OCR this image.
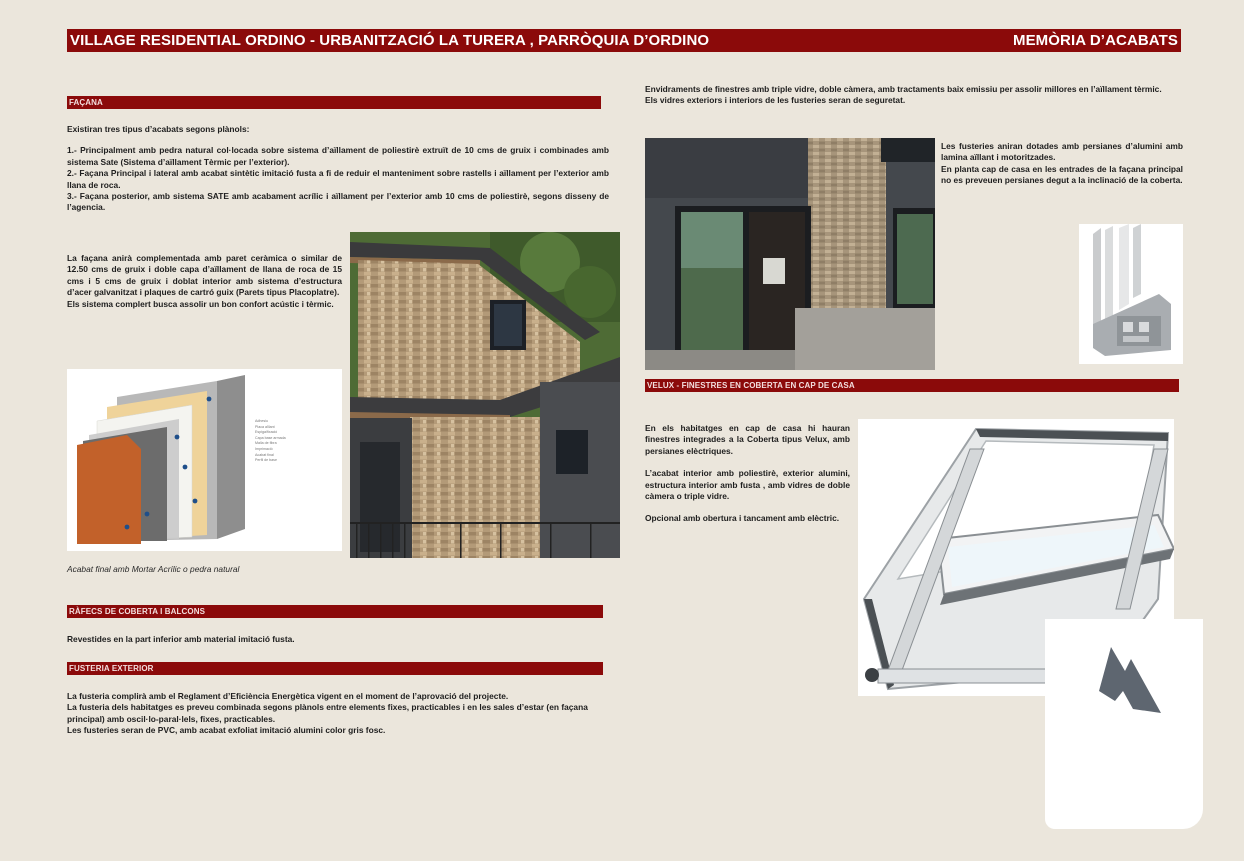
VILLAGE RESIDENTIAL ORDINO - URBANITZACIÓ LA TURERA , PARRÒQUIA D’ORDINO	MEMÒRIA D’ACABATS
FAÇANA

Existiran tres tipus d’acabats segons plànols:

1.- Principalment amb pedra natural col·locada sobre sistema d’aïllament de poliestirè extruït de 10 cms de gruix i combinades amb sistema Sate (Sistema d’aïllament Tèrmic per l’exterior).

2.- Façana Principal i lateral amb acabat sintètic imitació fusta a fi de reduir el manteniment sobre rastells i aïllament per l’exterior amb llana de roca.

3.- Façana posterior, amb sistema SATE amb acabament acrílic i aïllament per l’exterior amb 10 cms de poliestirè, segons disseny de l’agencia.

La façana anirà complementada amb paret ceràmica o similar de 12.50 cms de gruix i doble capa d’aïllament de llana de roca de 15 cms i 5 cms de gruix i doblat interior amb sistema d’estructura d’acer galvanitzat i plaques de cartró guix (Parets tipus Placoplatre).

Els sistema complert busca assolir un bon confort acústic i tèrmic.

Adhesiu
Placa aïllant
Espiga/fixació
Capa base armada
Malla de fibra
Imprimació
Acabat final
Perfil de base
Acabat final amb Mortar Acrílic o pedra natural
RÀFECS DE COBERTA I BALCONS
Revestides en la part inferior amb material imitació fusta.
FUSTERIA EXTERIOR

La fusteria complirà amb el Reglament d’Eficiència Energètica vigent en el moment de l’aprovació del projecte.

La fusteria dels habitatges es preveu combinada segons plànols entre elements fixes, practicables i en les sales d’estar (en façana principal) amb oscil·lo-paral·lels, fixes, practicables.

Les fusteries seran de PVC, amb acabat exfoliat imitació alumini color gris fosc.

Envidraments de finestres amb triple vidre, doble càmera, amb tractaments baix emissiu per assolir millores en l’aïllament tèrmic.

Els vidres exteriors i interiors de les fusteries seran de seguretat.

Les fusteries aniran dotades amb persianes d’alumini amb lamina aïllant i motoritzades.

En planta cap de casa en les entrades de la façana principal no es preveuen persianes degut a la inclinació de la coberta.

VELUX - FINESTRES EN COBERTA EN CAP DE CASA

En els habitatges en cap de casa hi hauran finestres integrades a la Coberta tipus Velux, amb persianes elèctriques.

L’acabat interior amb poliestirè, exterior alumini, estructura interior amb fusta , amb vidres de doble càmera o triple vidre.

Opcional amb obertura i tancament amb elèctric.
